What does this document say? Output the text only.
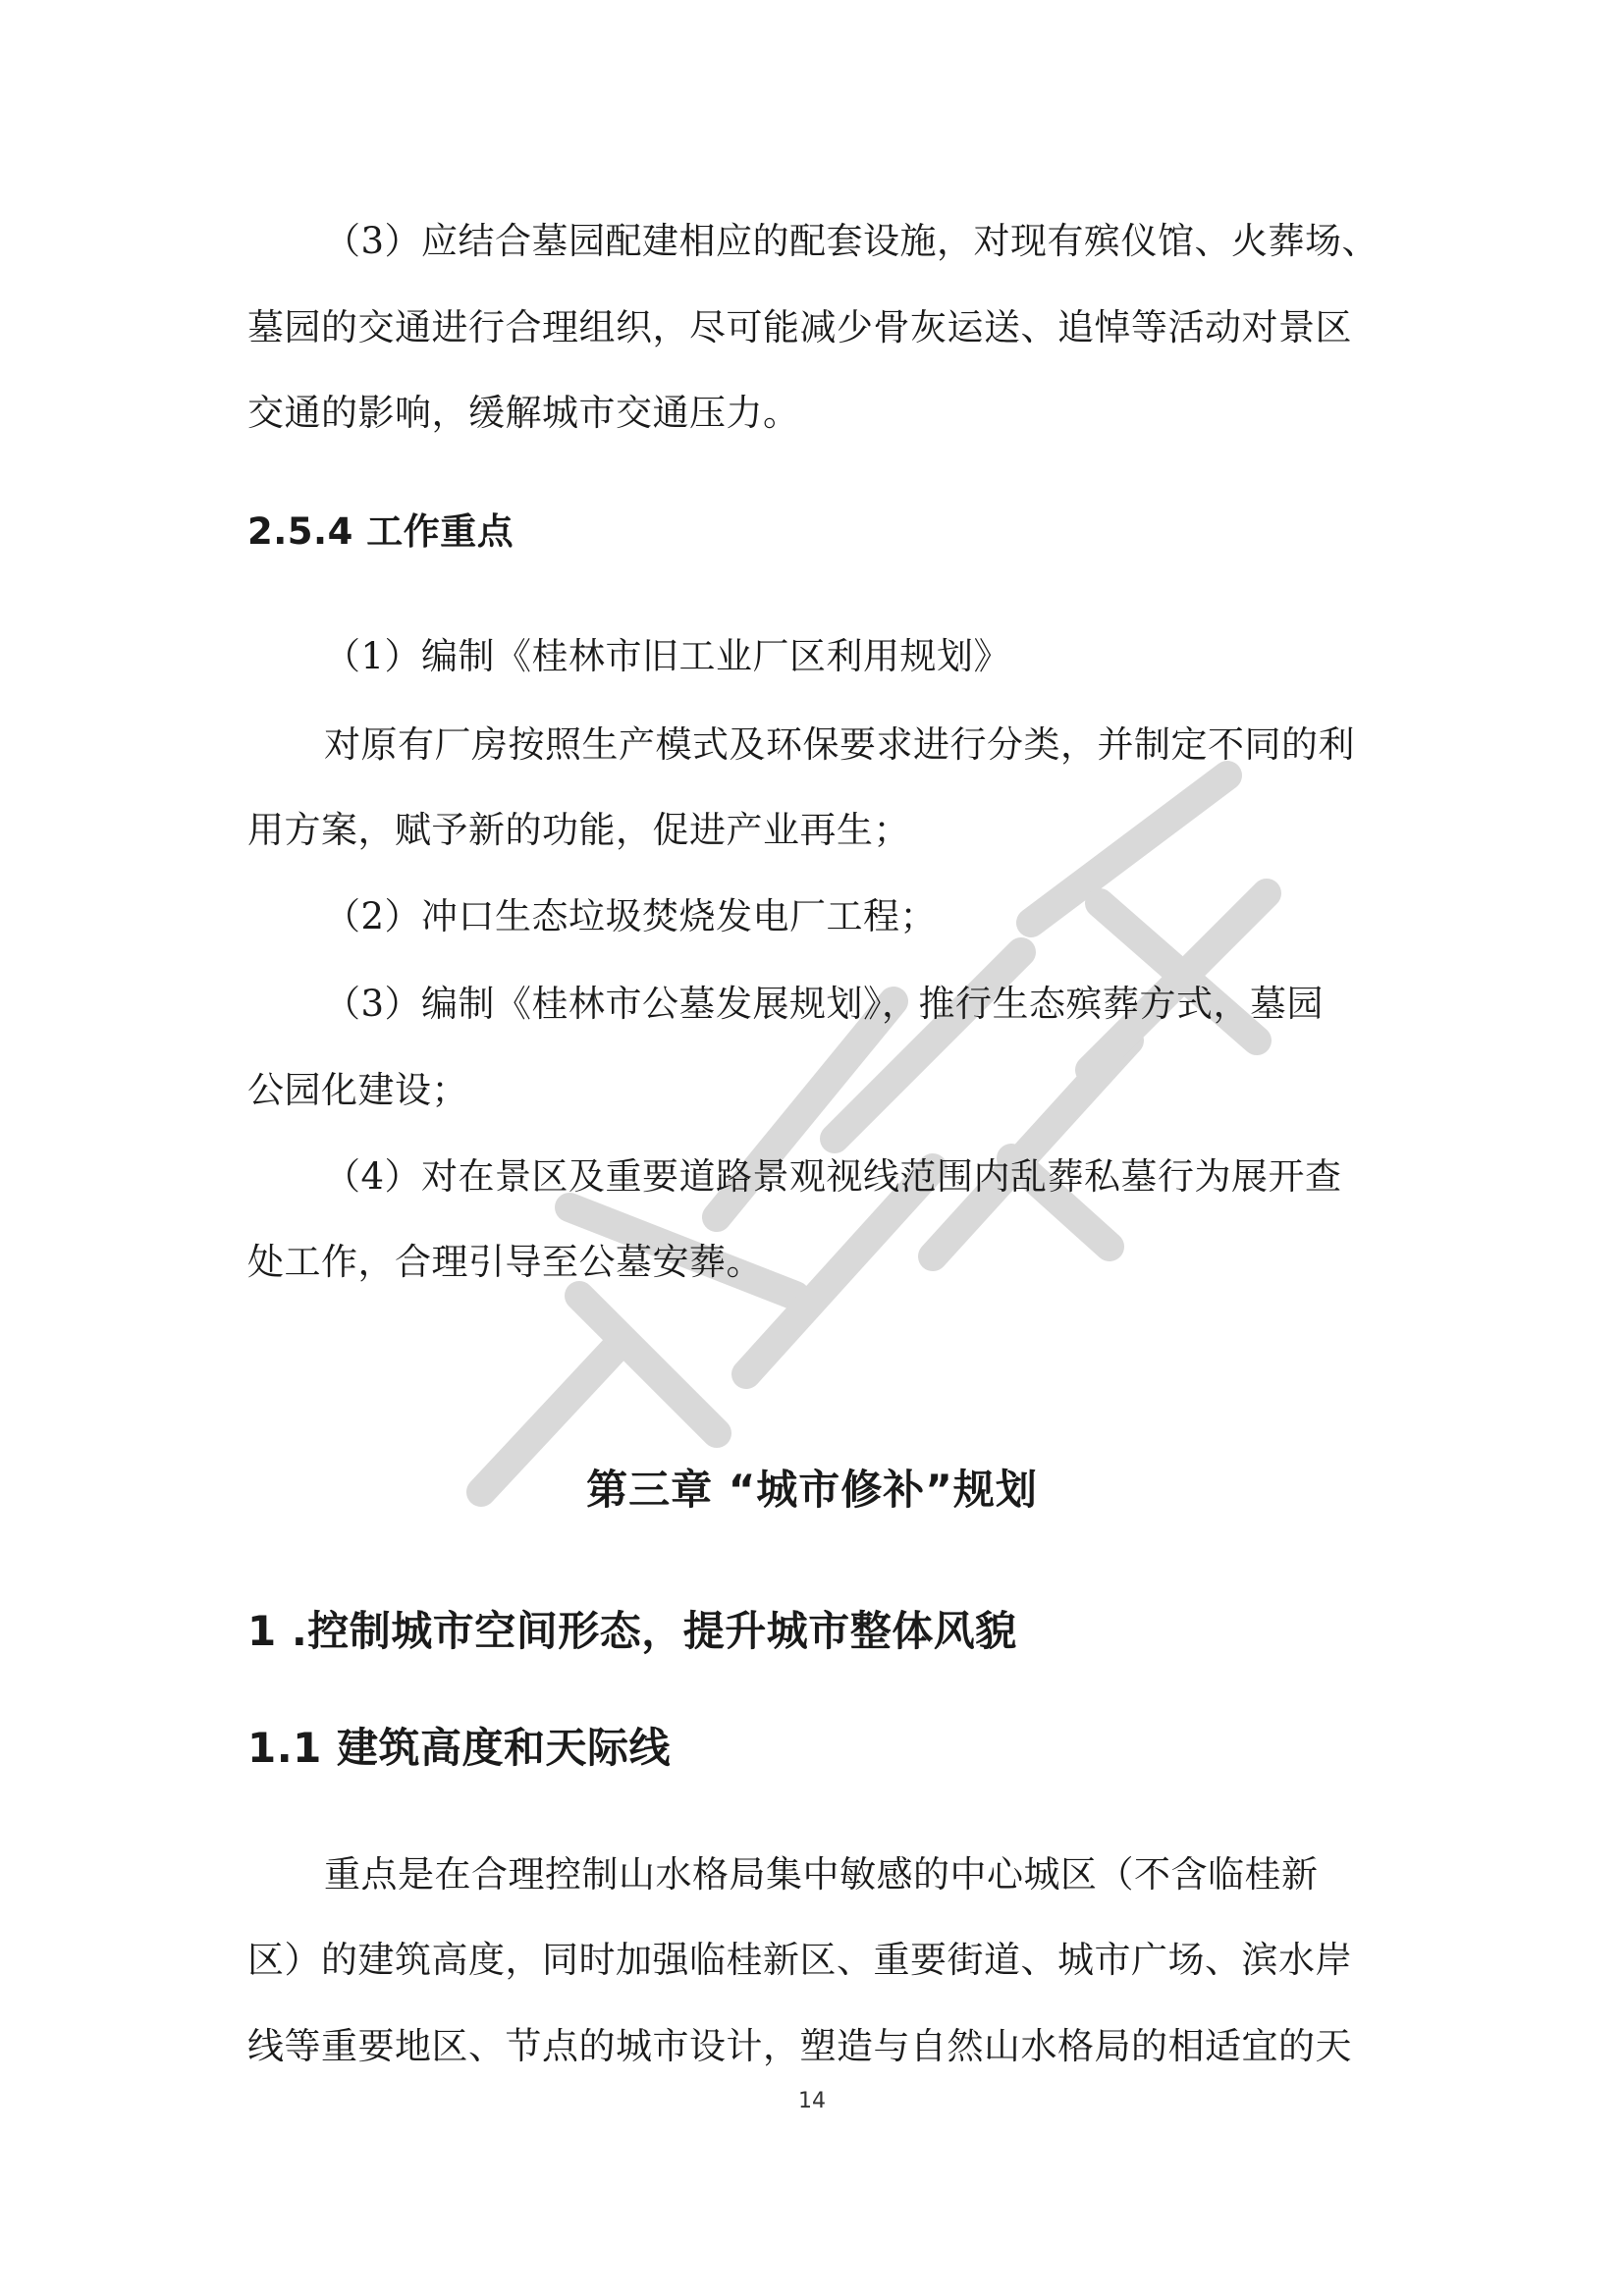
（3）应结合墓园配建相应的配套设施，对现有殡仪馆、火葬场、
墓园的交通进行合理组织，尽可能减少骨灰运送、追悼等活动对景区
交通的影响，缓解城市交通压力。
2.5.4 工作重点
（1）编制《桂林市旧工业厂区利用规划》
对原有厂房按照生产模式及环保要求进行分类，并制定不同的利
用方案，赋予新的功能，促进产业再生；
（2）冲口生态垃圾焚烧发电厂工程；
（3）编制《桂林市公墓发展规划》，推行生态殡葬方式，墓园
公园化建设；
（4）对在景区及重要道路景观视线范围内乱葬私墓行为展开查
处工作，合理引导至公墓安葬。
第三章 “城市修补”规划
1 .控制城市空间形态，提升城市整体风貌
1.1 建筑高度和天际线
重点是在合理控制山水格局集中敏感的中心城区（不含临桂新
区）的建筑高度，同时加强临桂新区、重要街道、城市广场、滨水岸
线等重要地区、节点的城市设计，塑造与自然山水格局的相适宜的天
14
